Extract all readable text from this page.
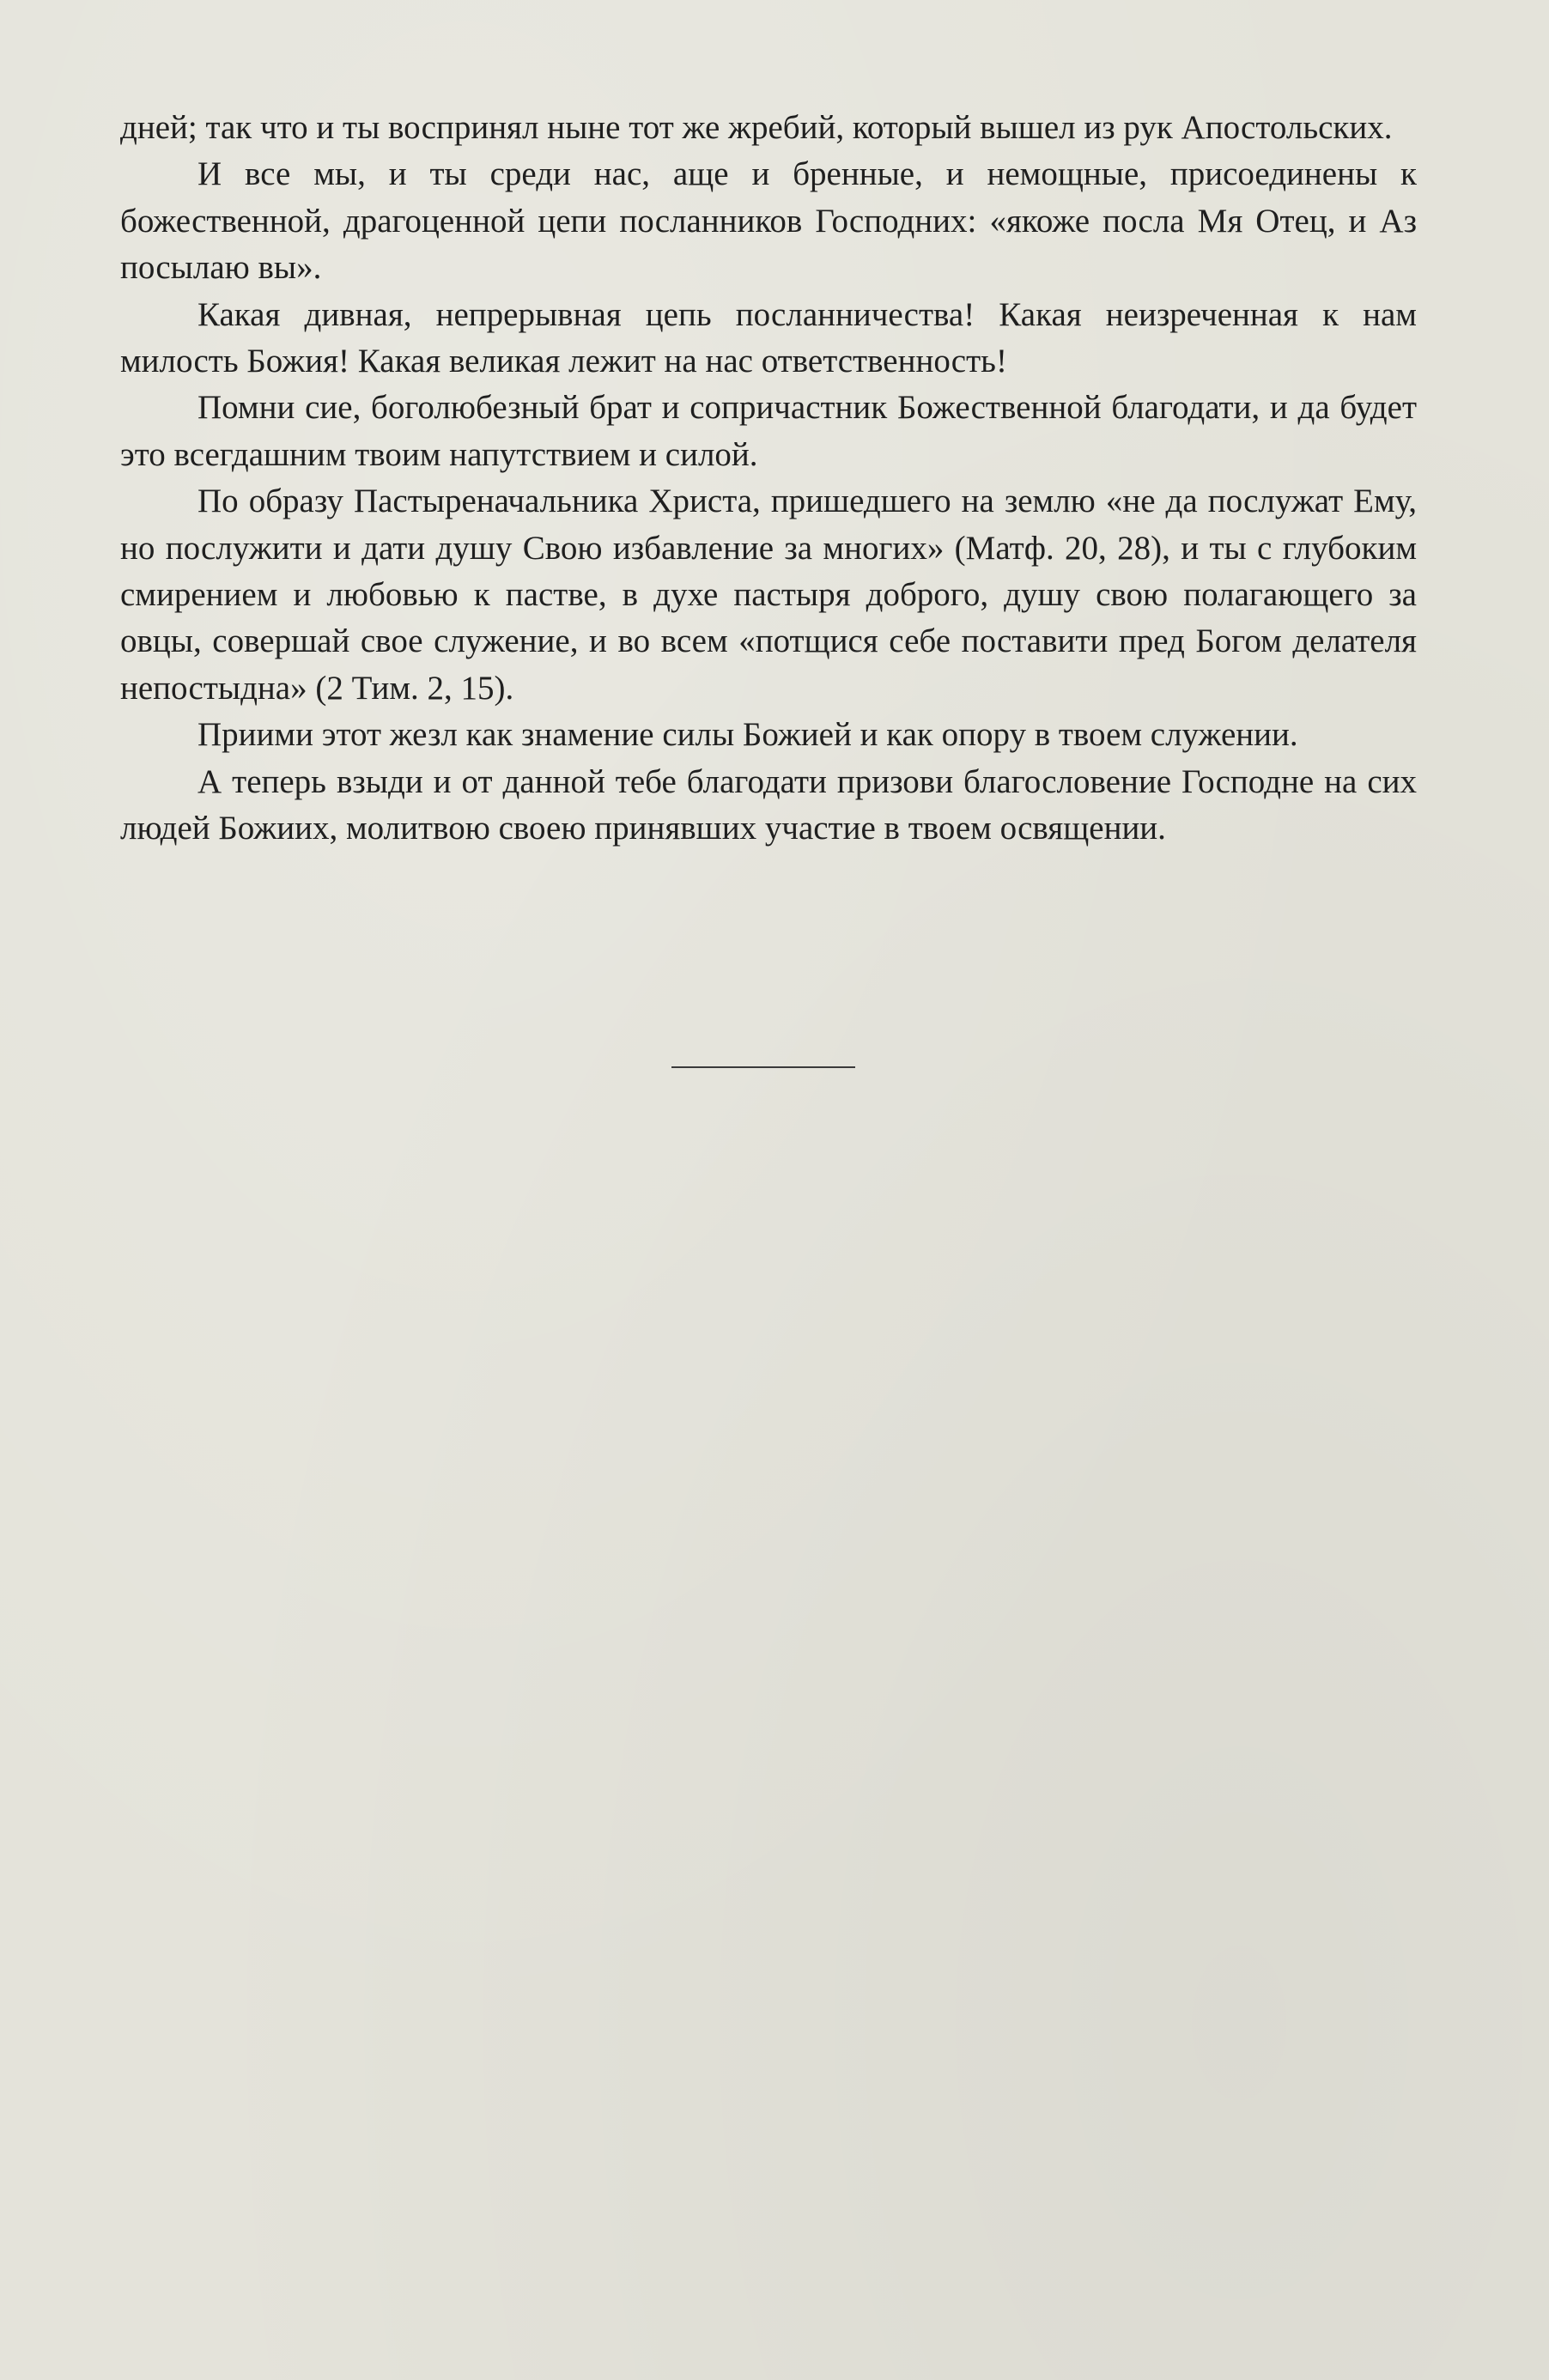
дней; так что и ты воспринял ныне тот же жребий, который вышел из рук Апостольских.

И все мы, и ты среди нас, аще и бренные, и немощные, присоединены к божественной, драгоценной цепи посланников Господних: «якоже посла Мя Отец, и Аз посылаю вы».

Какая дивная, непрерывная цепь посланничества! Какая неизреченная к нам милость Божия! Какая великая лежит на нас ответственность!

Помни сие, боголюбезный брат и сопричастник Божественной благодати, и да будет это всегдашним твоим напутствием и силой.

По образу Пастыреначальника Христа, пришедшего на землю «не да послужат Ему, но послужити и дати душу Свою избавление за многих» (Матф. 20, 28), и ты с глубоким смирением и любовью к пастве, в духе пастыря доброго, душу свою полагающего за овцы, совершай свое служение, и во всем «потщися себе поставити пред Богом делателя непостыдна» (2 Тим. 2, 15).

Приими этот жезл как знамение силы Божией и как опору в твоем служении.

А теперь взыди и от данной тебе благодати призови благословение Господне на сих людей Божиих, молитвою своею принявших участие в твоем освящении.
